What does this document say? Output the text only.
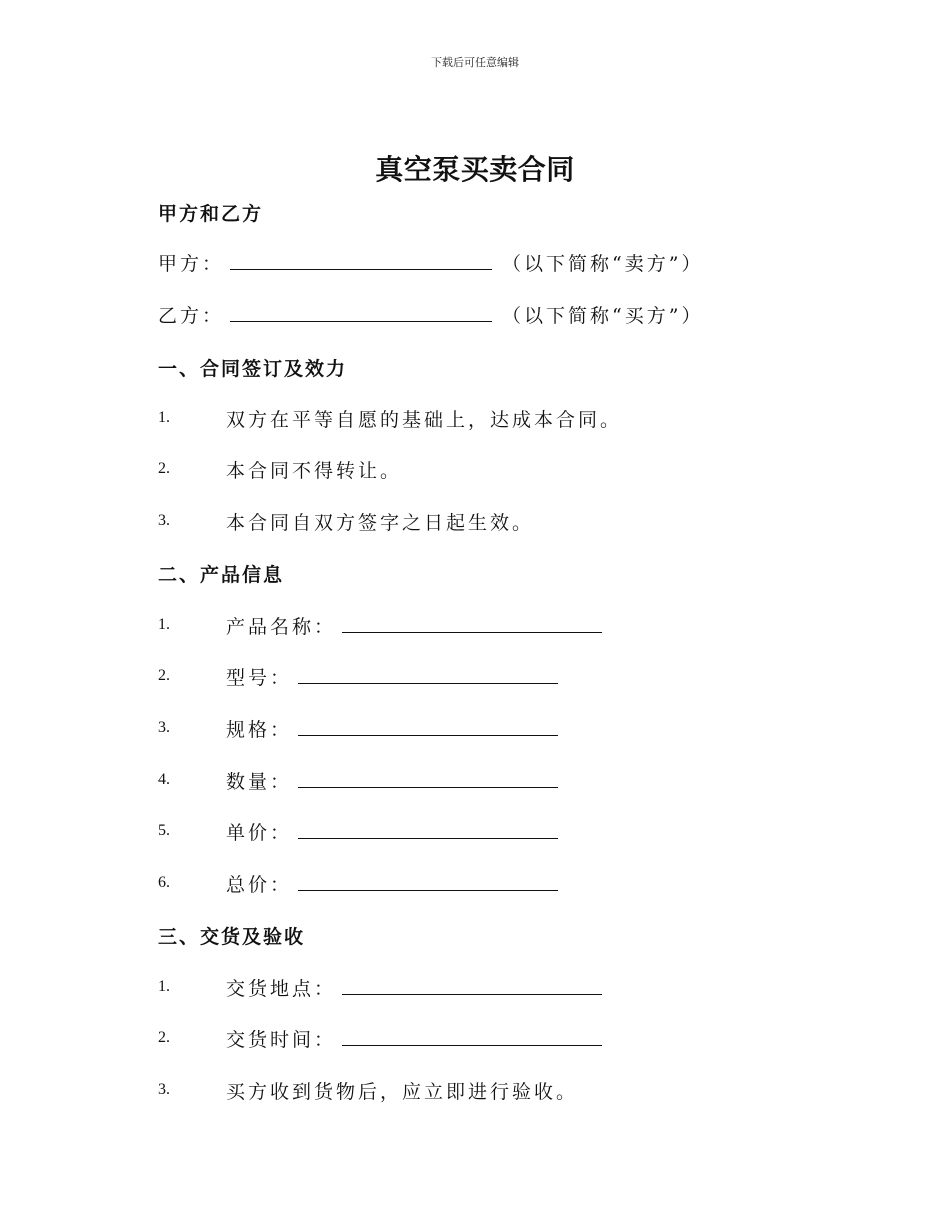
下载后可任意编辑
真空泵买卖合同
甲方和乙方
甲方：	（以下简称“卖方”）
乙方：	（以下简称“买方”）
一、合同签订及效力
1.	双方在平等自愿的基础上，达成本合同。
2.	本合同不得转让。
3.	本合同自双方签字之日起生效。
二、产品信息
1.	产品名称：
2.	型号：
3.	规格：
4.	数量：
5.	单价：
6.	总价：
三、交货及验收
1.	交货地点：
2.	交货时间：
3.	买方收到货物后，应立即进行验收。
